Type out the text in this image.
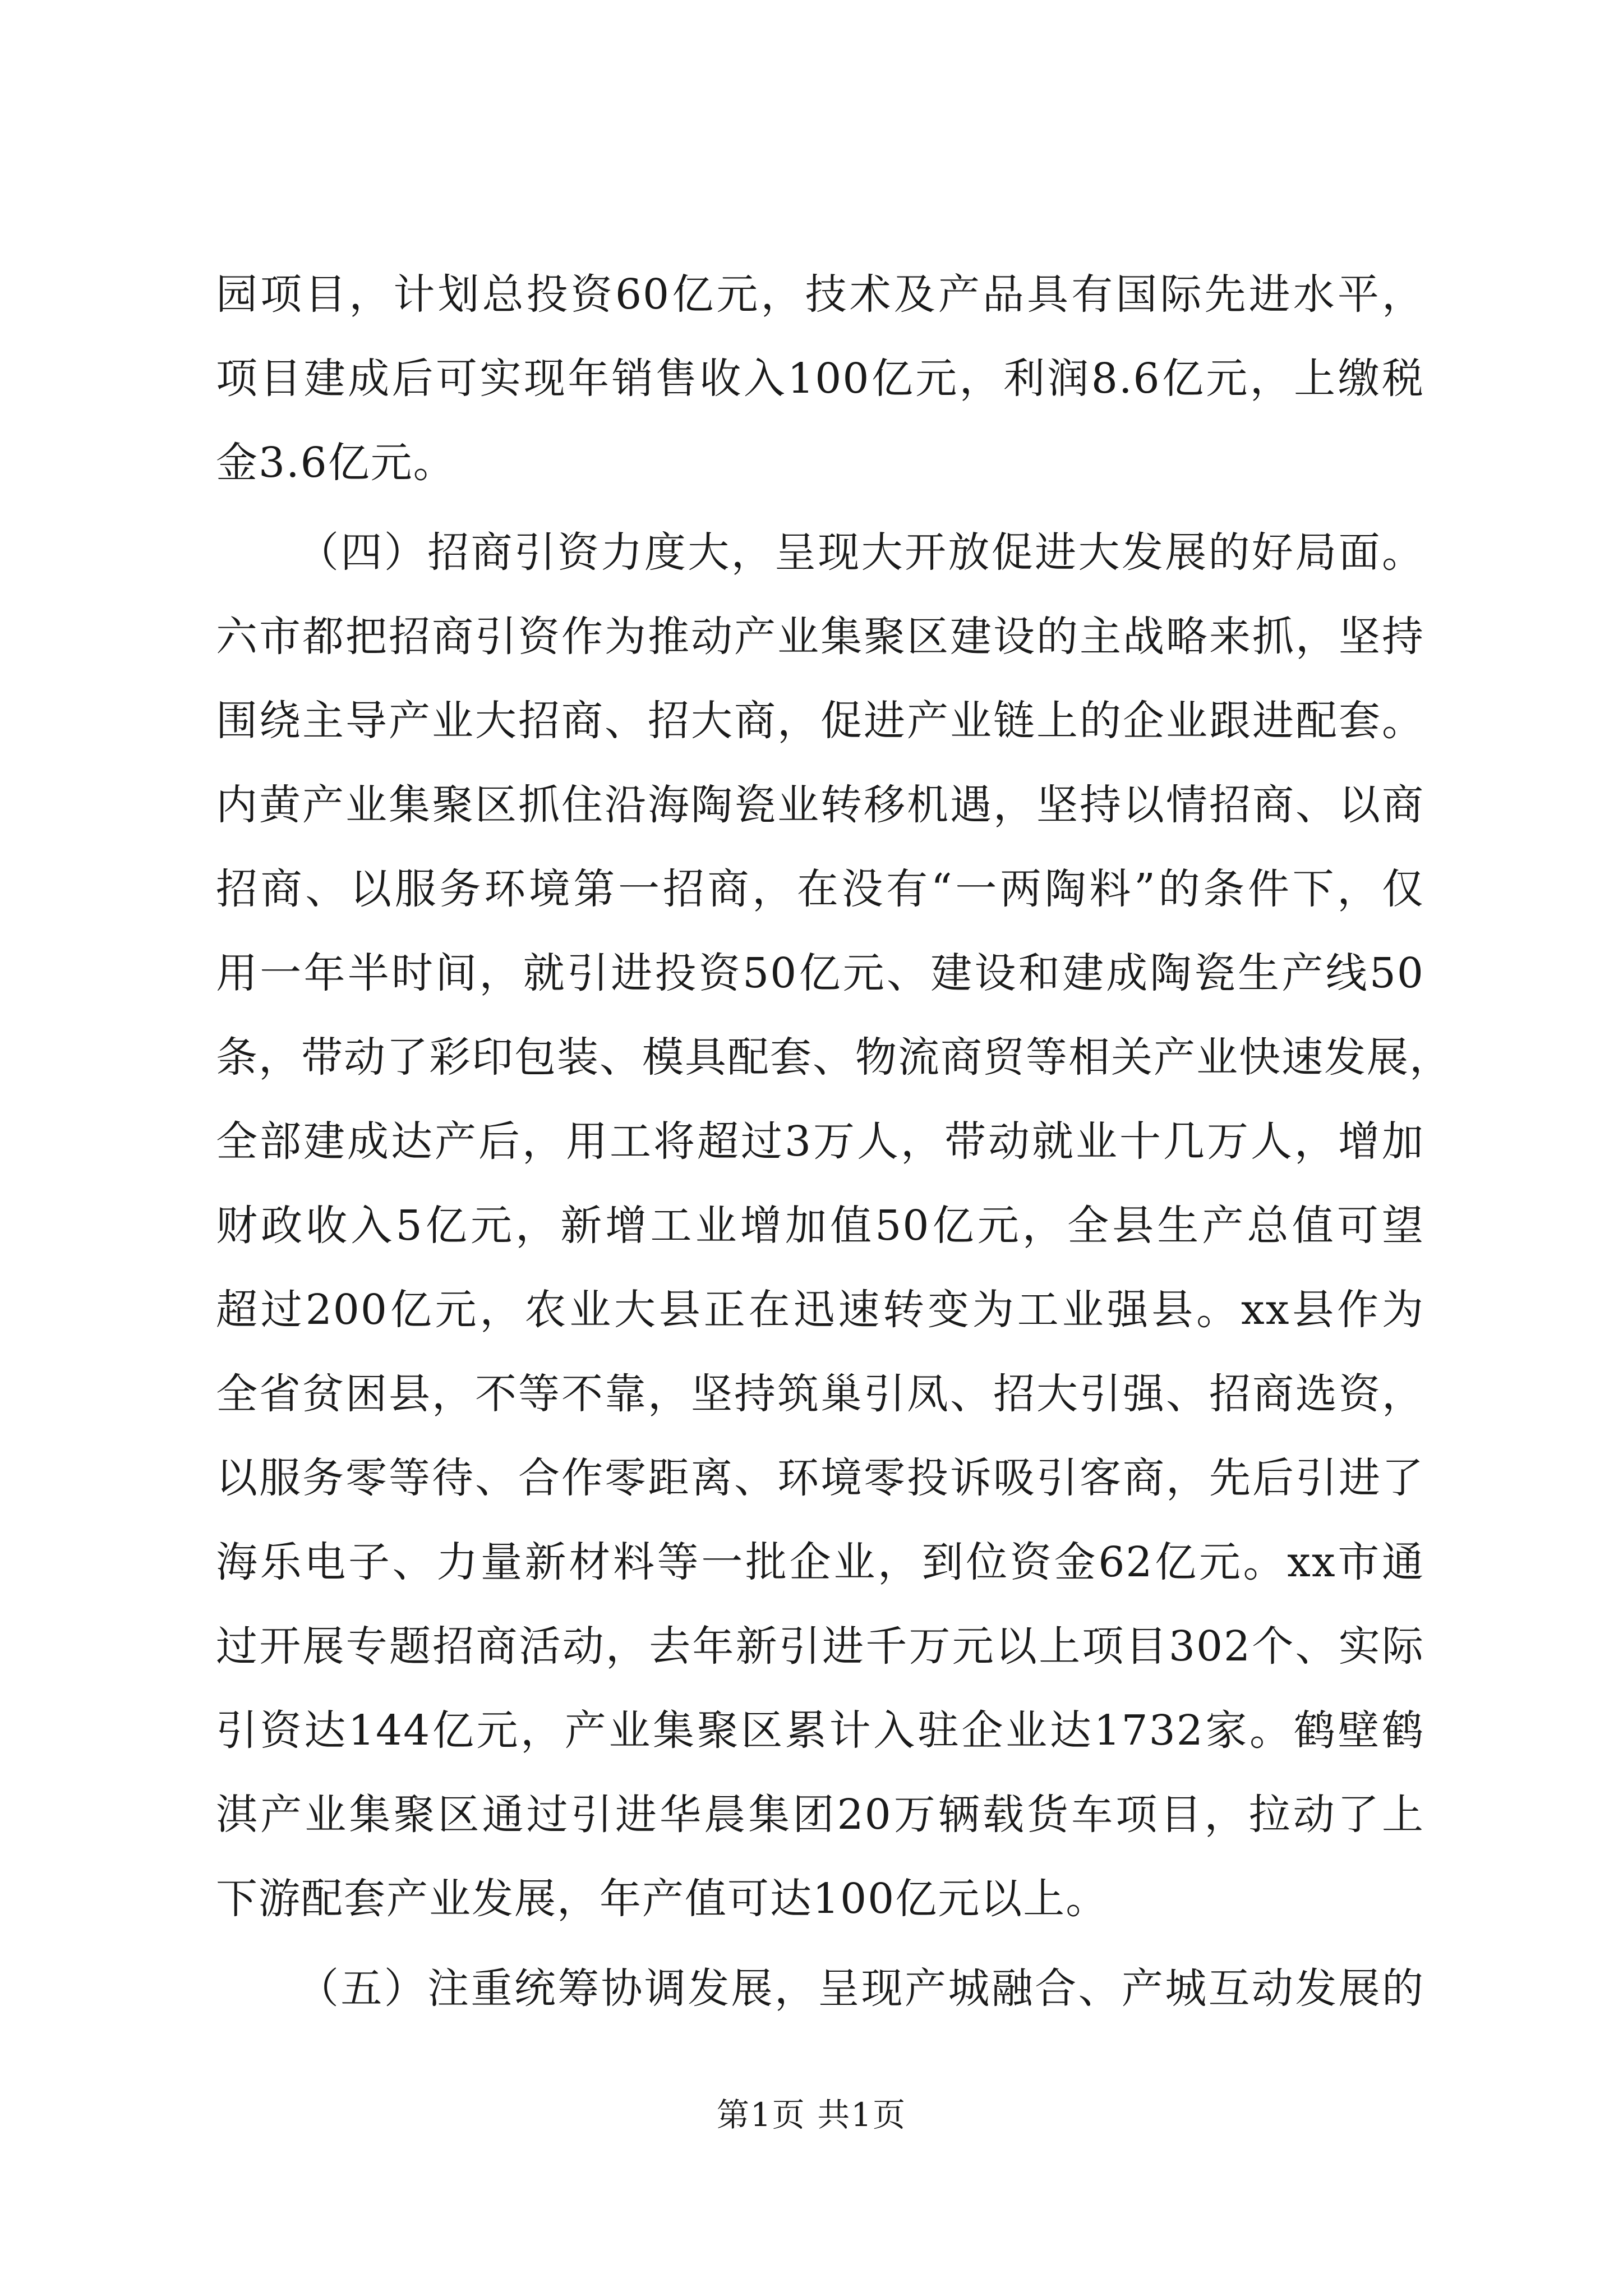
园项目，计划总投资60亿元，技术及产品具有国际先进水平，
项目建成后可实现年销售收入100亿元，利润8.6亿元，上缴税
金3.6亿元。
（四）招商引资力度大，呈现大开放促进大发展的好局面。
六市都把招商引资作为推动产业集聚区建设的主战略来抓，坚持
围绕主导产业大招商、招大商，促进产业链上的企业跟进配套。
内黄产业集聚区抓住沿海陶瓷业转移机遇，坚持以情招商、以商
招商、以服务环境第一招商，在没有“一两陶料”的条件下，仅
用一年半时间，就引进投资50亿元、建设和建成陶瓷生产线50
条，带动了彩印包装、模具配套、物流商贸等相关产业快速发展，
全部建成达产后，用工将超过3万人，带动就业十几万人，增加
财政收入5亿元，新增工业增加值50亿元，全县生产总值可望
超过200亿元，农业大县正在迅速转变为工业强县。xx县作为
全省贫困县，不等不靠，坚持筑巢引凤、招大引强、招商选资，
以服务零等待、合作零距离、环境零投诉吸引客商，先后引进了
海乐电子、力量新材料等一批企业，到位资金62亿元。xx市通
过开展专题招商活动，去年新引进千万元以上项目302个、实际
引资达144亿元，产业集聚区累计入驻企业达1732家。鹤壁鹤
淇产业集聚区通过引进华晨集团20万辆载货车项目，拉动了上
下游配套产业发展，年产值可达100亿元以上。
（五）注重统筹协调发展，呈现产城融合、产城互动发展的
第1页 共1页
